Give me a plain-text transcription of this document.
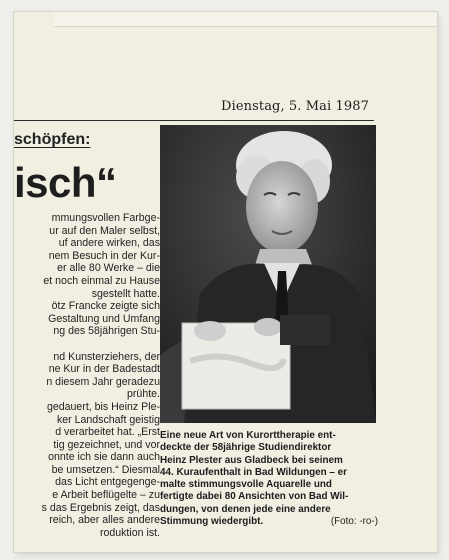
Dienstag, 5. Mai 1987
schöpfen:
isch“
mmungsvollen Farbge-
ur auf den Maler selbst,
uf andere wirken, das
nem Besuch in der Kur-
er alle 80 Werke – die
et noch einmal zu Hause
sgestellt hatte.
ötz Francke zeigte sich
Gestaltung und Umfang
ng des 58jährigen Stu-

nd Kunsterziehers, der
ne Kur in der Badestadt
n diesem Jahr geradezu
prühte.
gedauert, bis Heinz Ple-
ker Landschaft geistig
d verarbeitet hat. „Erst
tig gezeichnet, und vor
onnte ich sie dann auch
be umsetzen.“ Diesmal
das Licht entgegenge-
e Arbeit beflügelte – zu
s das Ergebnis zeigt, das
reich, aber alles andere
roduktion ist.
Eine neue Art von Kurorttherapie ent-
deckte der 58jährige Studiendirektor
Heinz Plester aus Gladbeck bei seinem
44. Kuraufenthalt in Bad Wildungen – er
malte stimmungsvolle Aquarelle und
fertigte dabei 80 Ansichten von Bad Wil-
dungen, von denen jede eine andere
Stimmung wiedergibt.	(Foto: -ro-)
